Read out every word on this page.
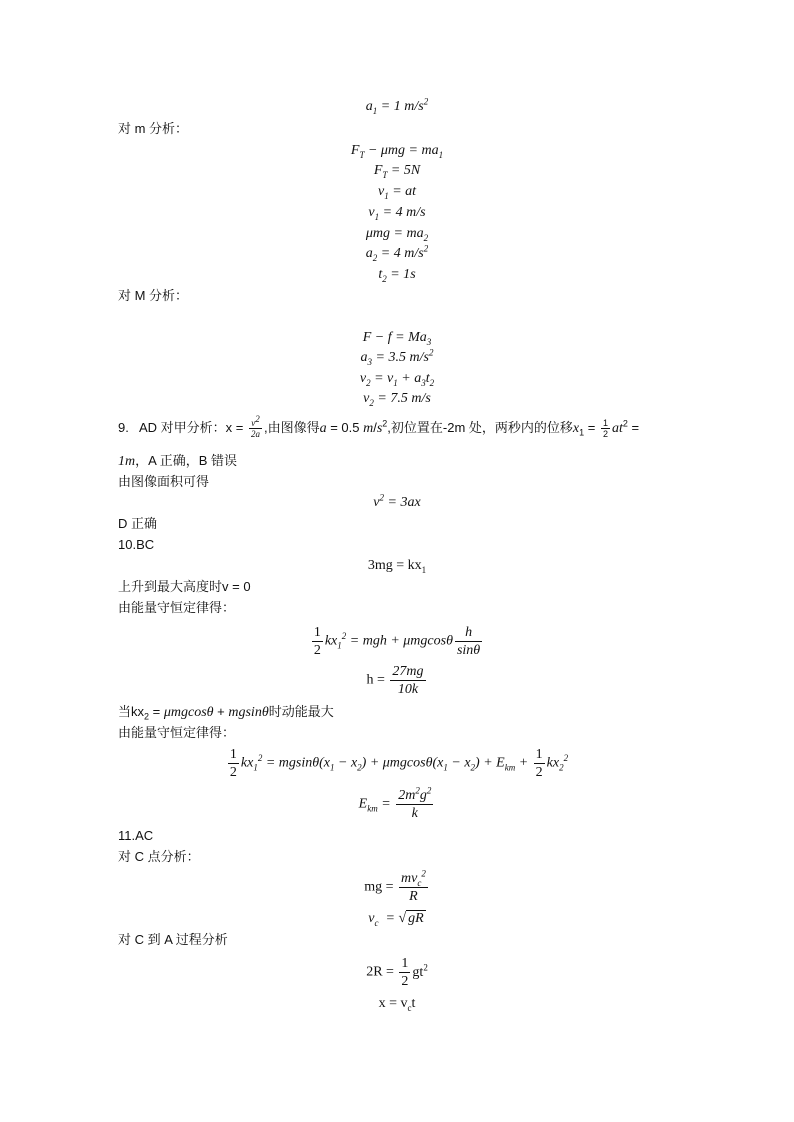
$a_1 = 1$ $m/s^2$
对 m 分析：
$F_T - \mu mg = ma_1$
$F_T = 5N$
$v_1$ = at
$v_1 = 4$ m/s
$\mu mg = ma_2$
$a_2 = 4$ $m/s^2$
$t_2 = 1s$
对 M 分析：
$F - f = Ma_3$
$a_3 = 3.5$ $m/s^2$
$v_2 = v_1 + a_3t_2$
$v_2 = 7.5$ m/s
9.   AD 对甲分析：$x = \frac{v^2}{2a}$ ,由图像得a = 0.5 $m/s^2$,初位置在-2m 处，两秒内的位移$x_1 = \frac{1}{2} at^2$ =
1m，A 正确，B 错误
由图像面积可得
$v^2 = 3ax$
D 正确
10.BC
$3mg = kx_1$
上升到最大高度时v = 0
由能量守恒定律得：
$\frac{1}{2} kx_1^2$ = mgh + μmgcosθ $\frac{h}{\sin\theta}$
$h = \frac{27mg}{10k}$
当$kx_2 = \mu mgcos\theta + mgsin\theta$时动能最大
由能量守恒定律得：
$\frac{1}{2} kx_1^2 = mgsin\theta(x_1 - x_2) + \mu mgcos\theta(x_1 - x_2) + E_{km} + \frac{1}{2} kx_2^2$
$E_{km} = \frac{2m^2g^2}{k}$
11.AC
对 C 点分析：
mg = $\frac{mv_c^2}{R}$
$v_c$  = √ gR
对 C 到 A 过程分析
$2R = \frac{1}{2} gt^2$
$x = v_ct$
